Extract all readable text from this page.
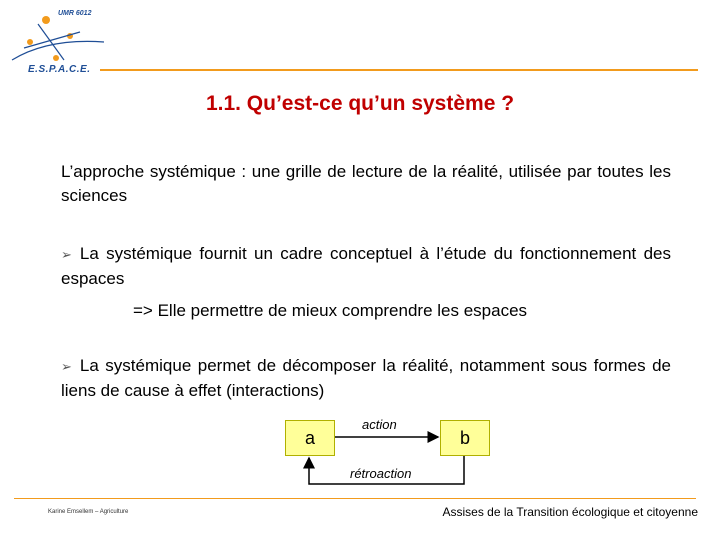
UMR 6012
E.S.P.A.C.E.
1.1. Qu’est-ce qu’un système ?
L’approche systémique : une grille de lecture de la réalité, utilisée par toutes les sciences
➢ La systémique fournit un cadre conceptuel à l’étude du fonctionnement des espaces
=> Elle permettre de mieux comprendre les espaces
➢ La systémique permet de décomposer la réalité, notamment sous formes de liens de cause à effet (interactions)
a	b
action
rétroaction
Karine Emsellem – Agriculture	Assises de la Transition écologique et citoyenne
